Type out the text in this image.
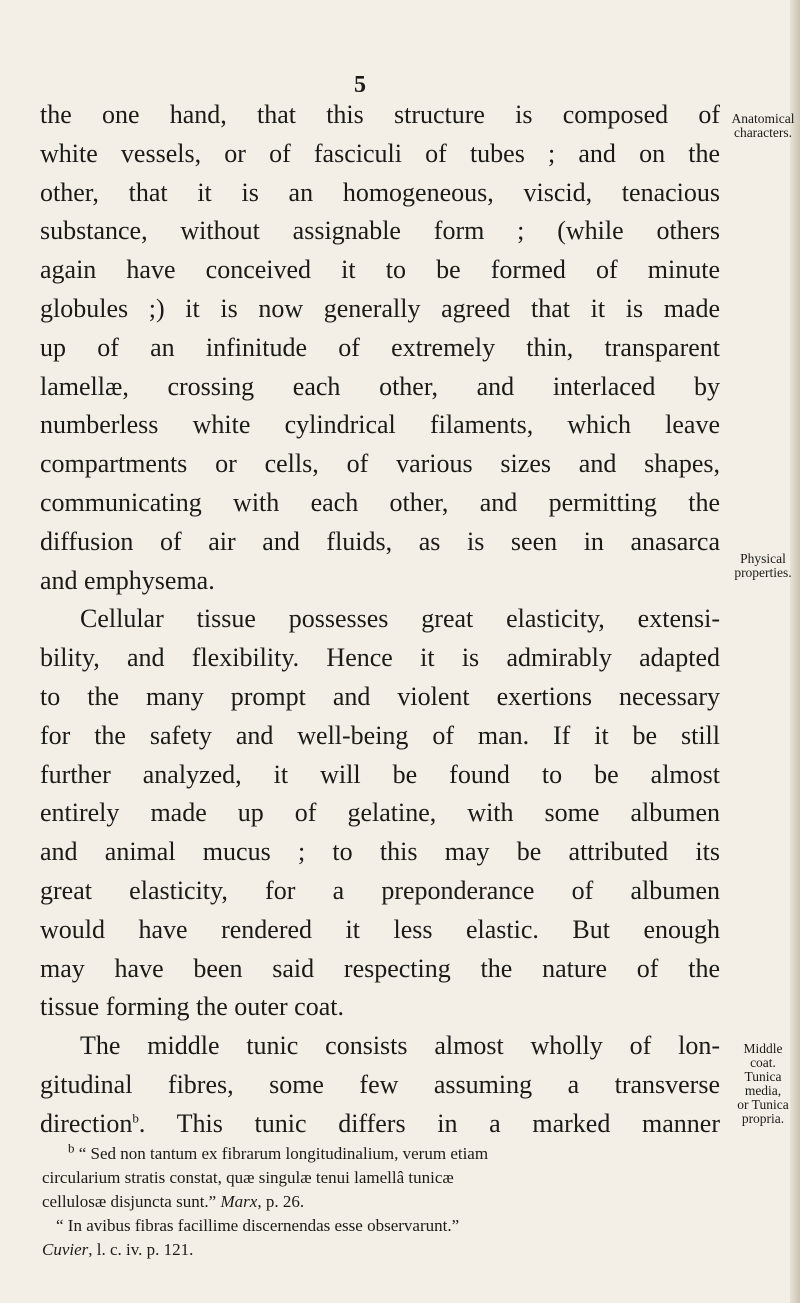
5
the one hand, that this structure is composed of
white vessels, or of fasciculi of tubes ; and on the
other, that it is an homogeneous, viscid, tenacious
substance, without assignable form ; (while others
again have conceived it to be formed of minute
globules ;) it is now generally agreed that it is made
up of an infinitude of extremely thin, transparent
lamellæ, crossing each other, and interlaced by
numberless white cylindrical filaments, which leave
compartments or cells, of various sizes and shapes,
communicating with each other, and permitting the
diffusion of air and fluids, as is seen in anasarca
and emphysema.
Cellular tissue possesses great elasticity, extensi-
bility, and flexibility. Hence it is admirably adapted
to the many prompt and violent exertions necessary
for the safety and well-being of man. If it be still
further analyzed, it will be found to be almost
entirely made up of gelatine, with some albumen
and animal mucus ; to this may be attributed its
great elasticity, for a preponderance of albumen
would have rendered it less elastic. But enough
may have been said respecting the nature of the
tissue forming the outer coat.
The middle tunic consists almost wholly of lon-
gitudinal fibres, some few assuming a transverse
direction$^b$. This tunic differs in a marked manner
Anatomical
characters.
Physical
properties.
Middle
coat.
Tunica
media,
or Tunica
propria.

$^b$ “ Sed non tantum ex fibrarum longitudinalium, verum etiam

circularium stratis constat, quæ singulæ tenui lamellâ tunicæ

cellulosæ disjuncta sunt.” Marx, p. 26.

“ In avibus fibras facillime discernendas esse observarunt.”

Cuvier, l. c. iv. p. 121.
